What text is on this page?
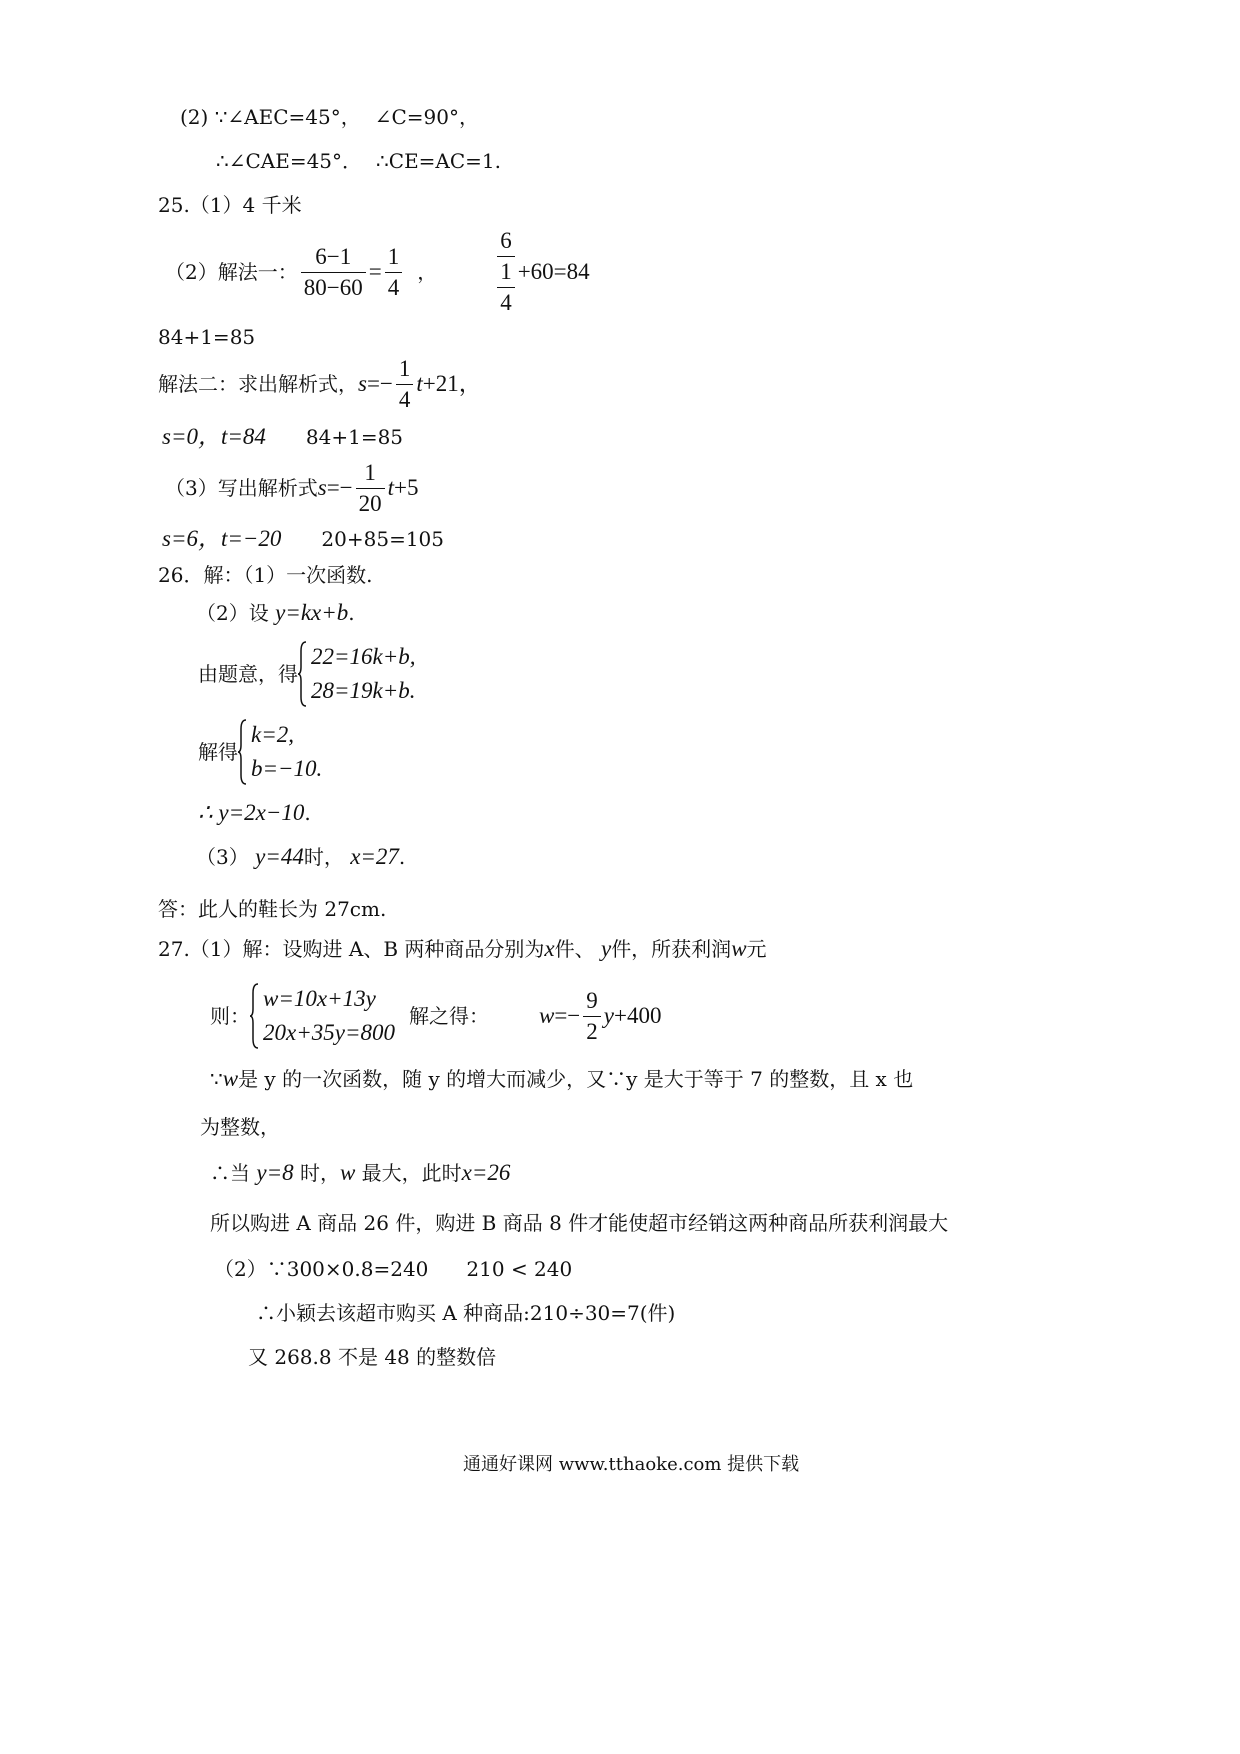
(2) ∵∠AEC=45°， ∠C=90°，
∴∠CAE=45°． ∴CE=AC=1.
25.（1）4 千米
（2）解法一： $\frac{6-1}{80-60} = \frac{1}{4}$ ，	$\frac{6}{\frac{1}{4}} +60=84$
84+1=85
解法二：求出解析式， $s =- \frac{1}{4}$ t +21，
s=0，t=84 84+1=85
（3）写出解析式 $s =- \frac{1}{20}$ t +5
s=6，t=−20 20+85=105
26．解：（1）一次函数.
（2）设 y=kx+b.
由题意，得
22=16k+b,
28=19k+b.
解得
k=2,
b=−10.
∴ y=2x−10.
（3） y=44时， x=27.
答：此人的鞋长为 27cm.
27.（1）解：设购进 A、B 两种商品分别为x件、 y件，所获利润w元
则：
w=10x+13y
20x+35y=800
解之得： $w =- \frac{9}{2}$ y +400
∵w是 y 的一次函数，随 y 的增大而减少，又∵y 是大于等于 7 的整数，且 x 也
为整数，
∴当 y=8 时，w 最大，此时x=26
所以购进 A 商品 26 件，购进 B 商品 8 件才能使超市经销这两种商品所获利润最大
（2）∵300×0.8=240 210 < 240
∴小颖去该超市购买 A 种商品:210÷30=7(件)
又 268.8 不是 48 的整数倍
通通好课网 www.tthaoke.com 提供下载
